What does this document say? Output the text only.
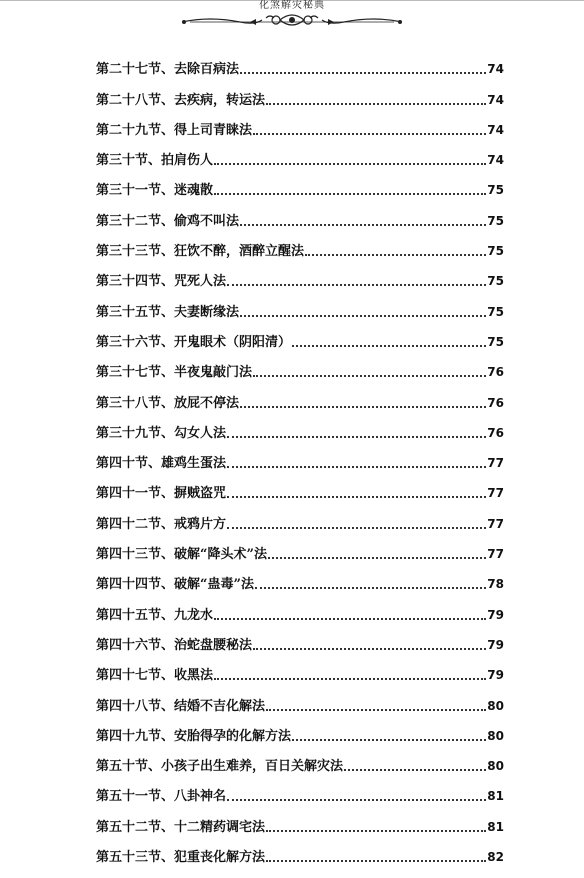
化煞解灾秘典
第二十七节、去除百病法	74
第二十八节、去疾病，转运法	74
第二十九节、得上司青睐法	74
第三十节、拍肩伤人	74
第三十一节、迷魂散	75
第三十二节、偷鸡不叫法	75
第三十三节、狂饮不醉，酒醉立醒法	75
第三十四节、咒死人法	75
第三十五节、夫妻断缘法	75
第三十六节、开鬼眼术（阴阳清）	75
第三十七节、半夜鬼敲门法	76
第三十八节、放屁不停法	76
第三十九节、勾女人法	76
第四十节、雄鸡生蛋法	77
第四十一节、摒贼盗咒	77
第四十二节、戒鸦片方	77
第四十三节、破解“降头术”法	77
第四十四节、破解“蛊毒”法	78
第四十五节、九龙水	79
第四十六节、治蛇盘腰秘法	79
第四十七节、收黑法	79
第四十八节、结婚不吉化解法	80
第四十九节、安胎得孕的化解方法	80
第五十节、小孩子出生难养，百日关解灾法	80
第五十一节、八卦神名	81
第五十二节、十二精药调宅法	81
第五十三节、犯重丧化解方法	82
